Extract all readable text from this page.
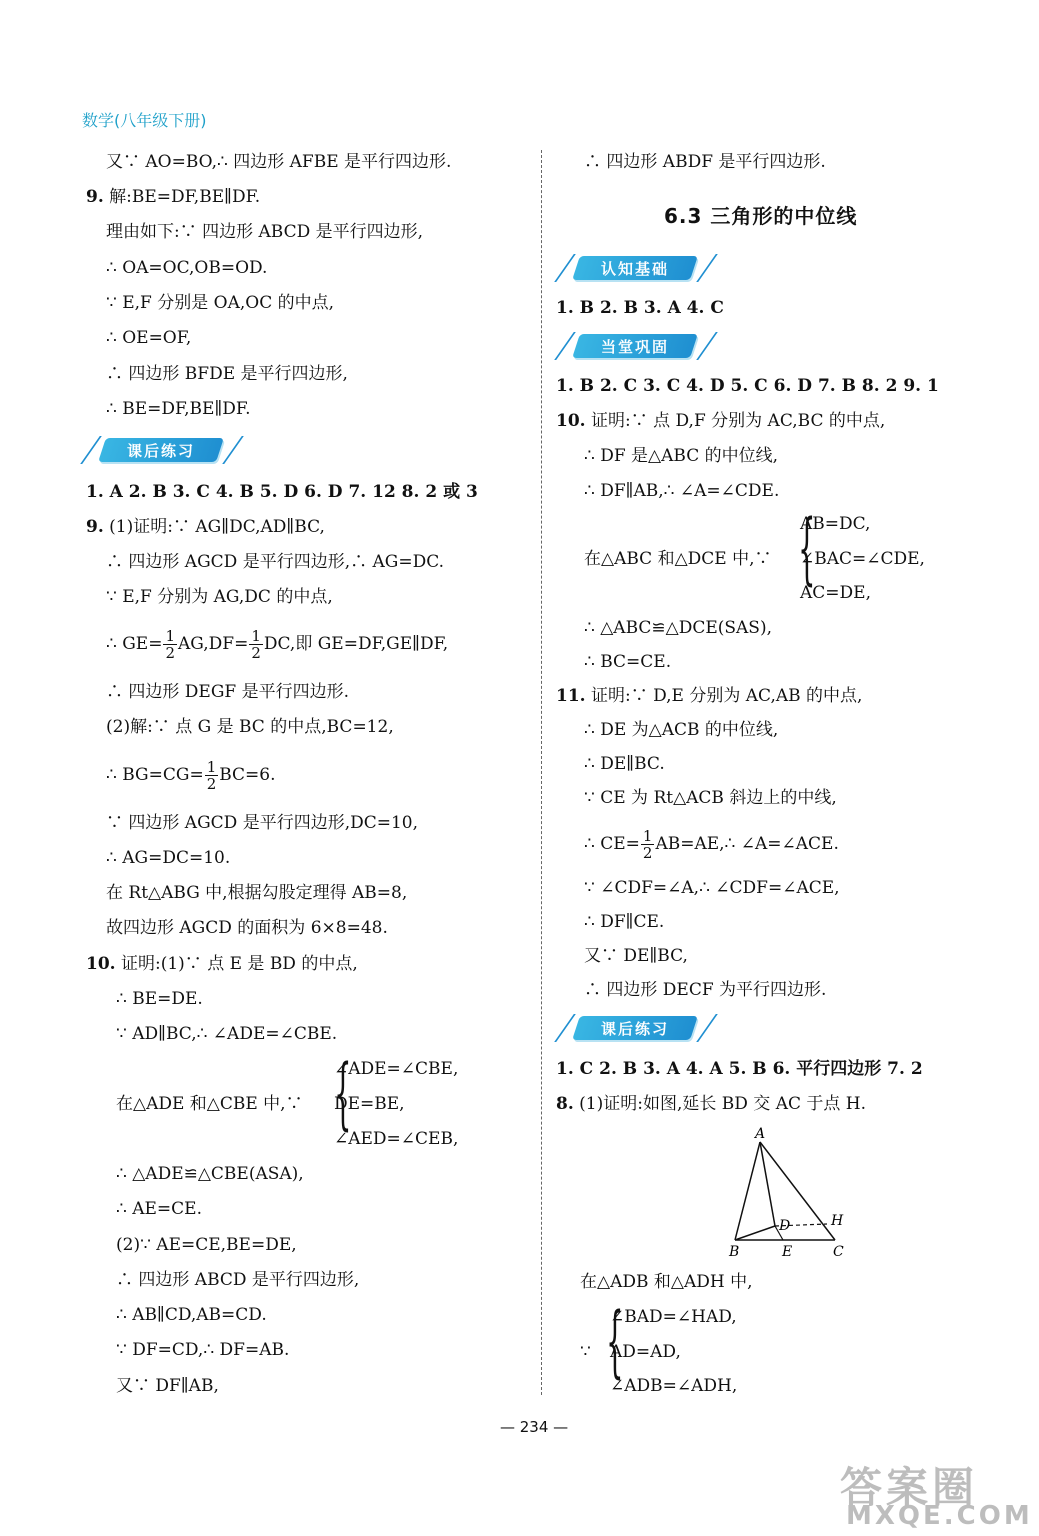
数学(八年级下册)
又∵ AO=BO,∴ 四边形 AFBE 是平行四边形.
9. 解:BE=DF,BE∥DF.
理由如下:∵ 四边形 ABCD 是平行四边形,
∴ OA=OC,OB=OD.
∵ E,F 分别是 OA,OC 的中点,
∴ OE=OF,
∴ 四边形 BFDE 是平行四边形,
∴ BE=DF,BE∥DF.
课后练习
1. A 2. B 3. C 4. B 5. D 6. D 7. 12 8. 2 或 3
9. (1)证明:∵ AG∥DC,AD∥BC,
∴ 四边形 AGCD 是平行四边形,∴ AG=DC.
∵ E,F 分别为 AG,DC 的中点,
∴ $GE= \frac{1}{2} AG,DF= \frac{1}{2}$ DC,即 GE=DF,GE∥DF,
∴ 四边形 DEGF 是平行四边形.
(2)解:∵ 点 G 是 BC 的中点,BC=12,
∴ $BG=CG= \frac{1}{2} BC=6$.
∵ 四边形 AGCD 是平行四边形,DC=10,
∴ AG=DC=10.
在 Rt△ABG 中,根据勾股定理得 AB=8,
故四边形 AGCD 的面积为 6×8=48.
10. 证明:(1)∵ 点 E 是 BD 的中点,
∴ BE=DE.
∵ AD∥BC,∴ ∠ADE=∠CBE.
在△ADE 和△CBE 中,∵ {
∠ADE=∠CBE,
DE=BE,
∠AED=∠CEB,
∴ △ADE≌△CBE(ASA),
∴ AE=CE.
(2)∵ AE=CE,BE=DE,
∴ 四边形 ABCD 是平行四边形,
∴ AB∥CD,AB=CD.
∵ DF=CD,∴ DF=AB.
又∵ DF∥AB,
∴ 四边形 ABDF 是平行四边形.
6.3 三角形的中位线
认知基础
1. B 2. B 3. A 4. C
当堂巩固
1. B 2. C 3. C 4. D 5. C 6. D 7. B 8. 2 9. 1
10. 证明:∵ 点 D,F 分别为 AC,BC 的中点,
∴ DF 是△ABC 的中位线,
∴ DF∥AB,∴ ∠A=∠CDE.
在△ABC 和△DCE 中,∵ {
AB=DC,
∠BAC=∠CDE,
AC=DE,
∴ △ABC≌△DCE(SAS),
∴ BC=CE.
11. 证明:∵ D,E 分别为 AC,AB 的中点,
∴ DE 为△ACB 的中位线,
∴ DE∥BC.
∵ CE 为 Rt△ACB 斜边上的中线,
∴ $CE= \frac{1}{2}$ AB=AE,∴ ∠A=∠ACE.
∵ ∠CDF=∠A,∴ ∠CDF=∠ACE,
∴ DF∥CE.
又∵ DE∥BC,
∴ 四边形 DECF 为平行四边形.
课后练习
1. C 2. B 3. A 4. A 5. B 6. 平行四边形 7. 2
8. (1)证明:如图,延长 BD 交 AC 于点 H.
在△ADB 和△ADH 中,
∵ {
∠BAD=∠HAD,
AD=AD,
∠ADB=∠ADH,
A
B	C
D
E
H
— 234 —
答案圈
MXQE.COM
